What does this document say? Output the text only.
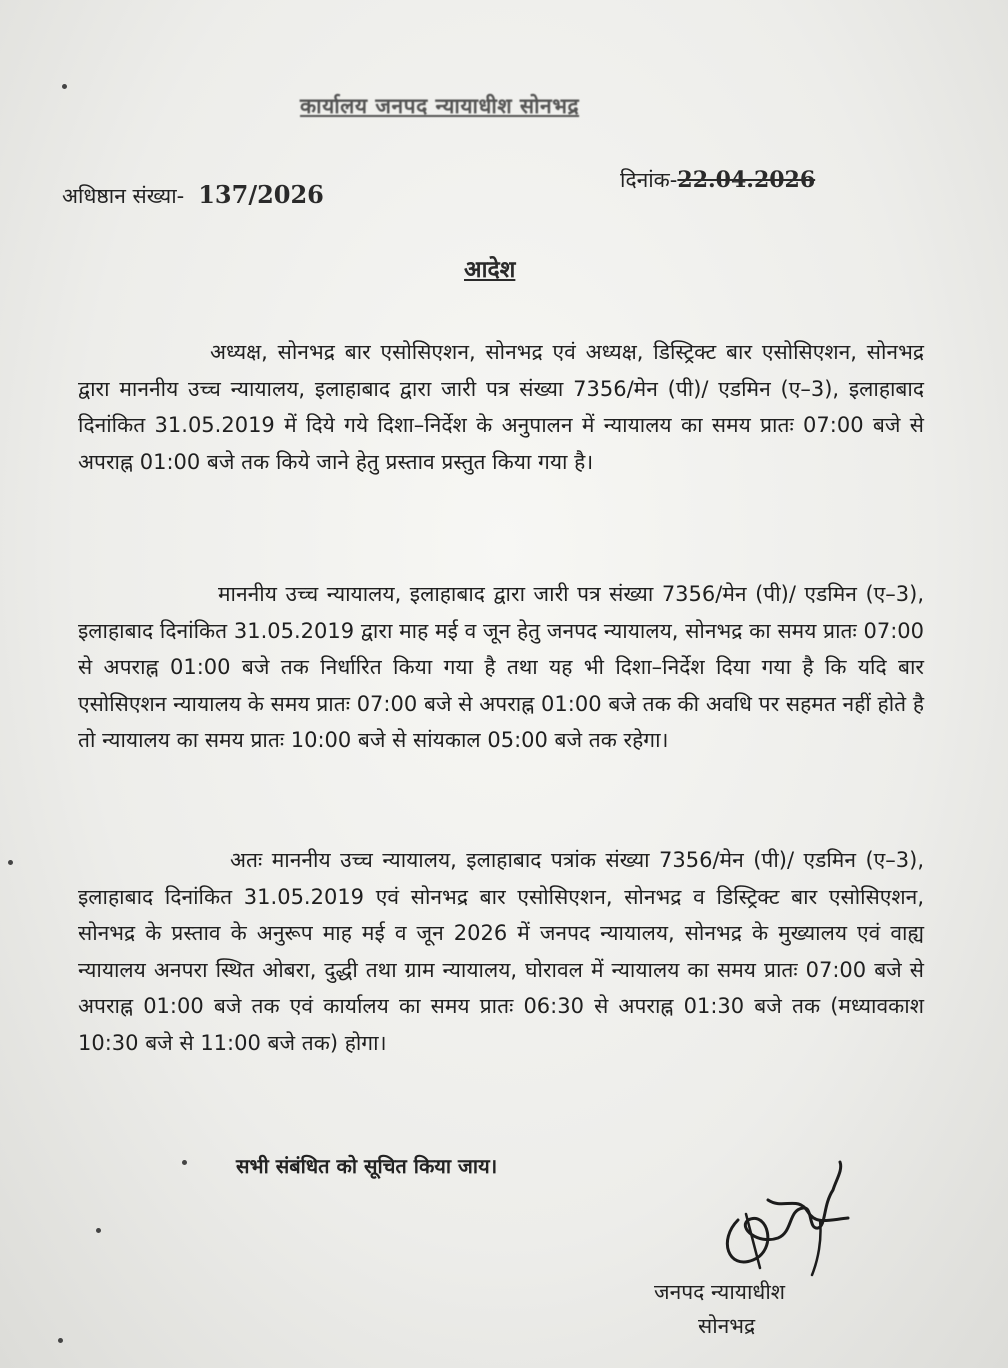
कार्यालय जनपद न्यायाधीश सोनभद्र
अधिष्ठान संख्या- 137/2026	दिनांक-22.04.2026
आदेश
अध्यक्ष, सोनभद्र बार एसोसिएशन, सोनभद्र एवं अध्यक्ष, डिस्ट्रिक्ट बार एसोसिएशन, सोनभद्र द्वारा माननीय उच्च न्यायालय, इलाहाबाद द्वारा जारी पत्र संख्या 7356/मेन (पी)/ एडमिन (ए–3), इलाहाबाद दिनांकित 31.05.2019 में दिये गये दिशा–निर्देश के अनुपालन में न्यायालय का समय प्रातः 07:00 बजे से अपराह्न 01:00 बजे तक किये जाने हेतु प्रस्ताव प्रस्तुत किया गया है।
माननीय उच्च न्यायालय, इलाहाबाद द्वारा जारी पत्र संख्या 7356/मेन (पी)/ एडमिन (ए–3), इलाहाबाद दिनांकित 31.05.2019 द्वारा माह मई व जून हेतु जनपद न्यायालय, सोनभद्र का समय प्रातः 07:00 से अपराह्न 01:00 बजे तक निर्धारित किया गया है तथा यह भी दिशा–निर्देश दिया गया है कि यदि बार एसोसिएशन न्यायालय के समय प्रातः 07:00 बजे से अपराह्न 01:00 बजे तक की अवधि पर सहमत नहीं होते है तो न्यायालय का समय प्रातः 10:00 बजे से सांयकाल 05:00 बजे तक रहेगा।
अतः माननीय उच्च न्यायालय, इलाहाबाद पत्रांक संख्या 7356/मेन (पी)/ एडमिन (ए–3), इलाहाबाद दिनांकित 31.05.2019 एवं सोनभद्र बार एसोसिएशन, सोनभद्र व डिस्ट्रिक्ट बार एसोसिएशन, सोनभद्र के प्रस्ताव के अनुरूप माह मई व जून 2026 में जनपद न्यायालय, सोनभद्र के मुख्यालय एवं वाह्य न्यायालय अनपरा स्थित ओबरा, दुद्धी तथा ग्राम न्यायालय, घोरावल में न्यायालय का समय प्रातः 07:00 बजे से अपराह्न 01:00 बजे तक एवं कार्यालय का समय प्रातः 06:30 से अपराह्न 01:30 बजे तक (मध्यावकाश 10:30 बजे से 11:00 बजे तक) होगा।
सभी संबंधित को सूचित किया जाय।
जनपद न्यायाधीश
सोनभद्र
